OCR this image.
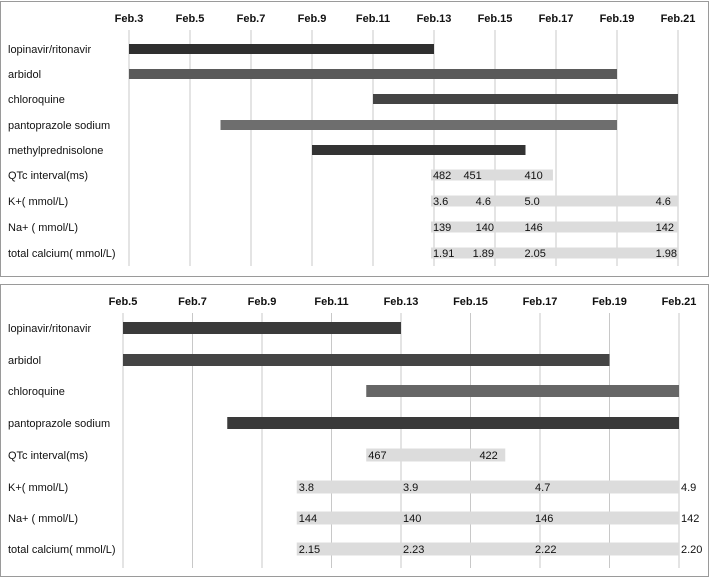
Feb.3	Feb.5	Feb.7	Feb.9	Feb.11 Feb.13 Feb.15 Feb.17 Feb.19 Feb.21
lopinavir/ritonavir
arbidol
chloroquine
pantoprazole sodium
methylprednisolone
QTc interval(ms)	482 451	410
K+( mmol/L)	3.6 4.6	5.0	4.6
Na+ ( mmol/L)	139 140	146	142
total calcium( mmol/L)	1.91 1.89	2.05	1.98
Feb.5	Feb.7	Feb.9	Feb.11	Feb.13	Feb.15	Feb.17	Feb.19	Feb.21
lopinavir/ritonavir
arbidol
chloroquine
pantoprazole sodium
QTc interval(ms)	467	422
K+( mmol/L)	3.8	3.9	4.7	4.9
Na+ ( mmol/L)	144	140	146	142
total calcium( mmol/L)	2.15	2.23	2.22	2.20
